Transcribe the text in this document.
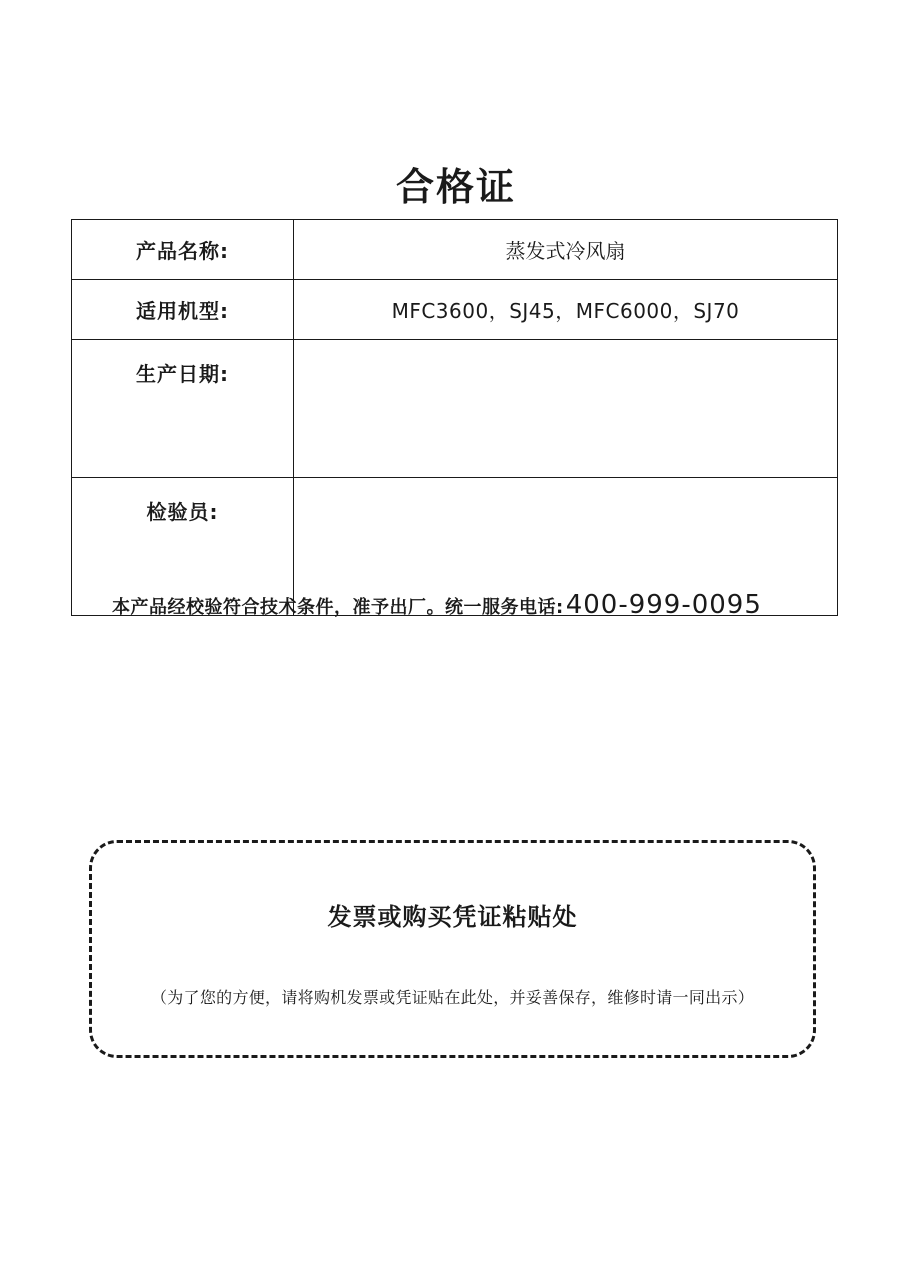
合格证
产品名称:	蒸发式冷风扇
适用机型:	MFC3600，SJ45，MFC6000，SJ70
生产日期:	
检验员:	
本产品经校验符合技术条件，准予出厂。统一服务电话: 400-999-0095
发票或购买凭证粘贴处
（为了您的方便，请将购机发票或凭证贴在此处，并妥善保存，维修时请一同出示）
